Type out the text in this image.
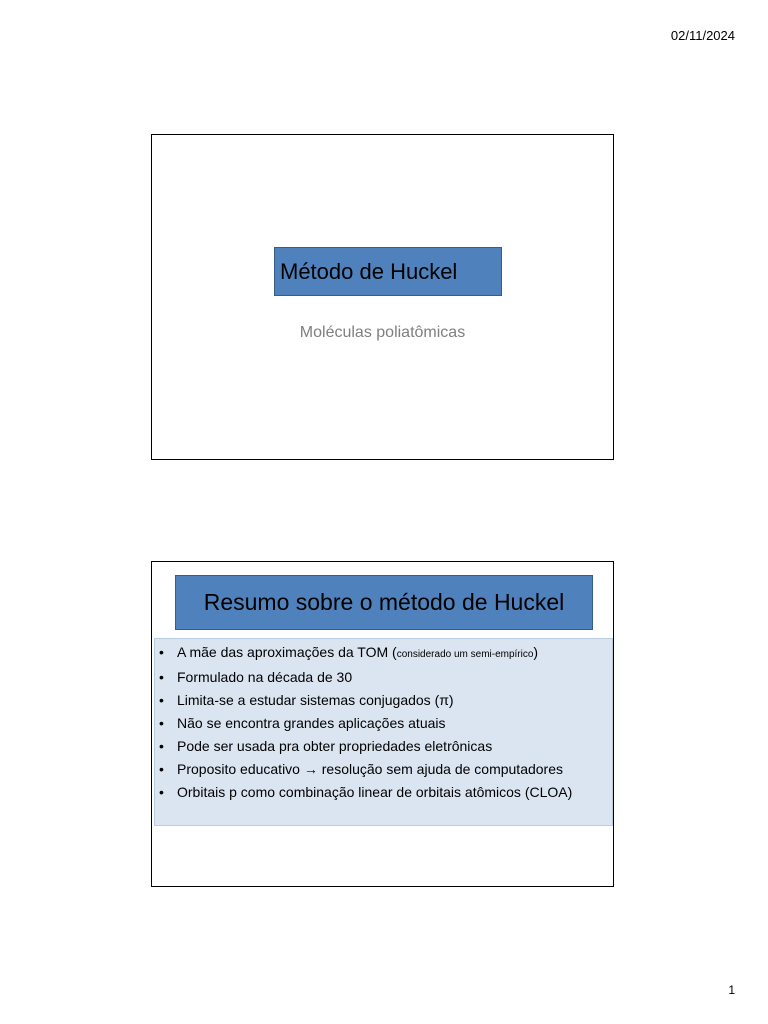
02/11/2024
Método de Huckel
Moléculas poliatômicas
Resumo sobre o método de Huckel
• A mãe das aproximações da TOM (considerado um semi-empírico)
• Formulado na década de 30
• Limita-se a estudar sistemas conjugados (π)
• Não se encontra grandes aplicações atuais
• Pode ser usada pra obter propriedades eletrônicas
• Proposito educativo → resolução sem ajuda de computadores
• Orbitais p como combinação linear de orbitais atômicos (CLOA)
1
